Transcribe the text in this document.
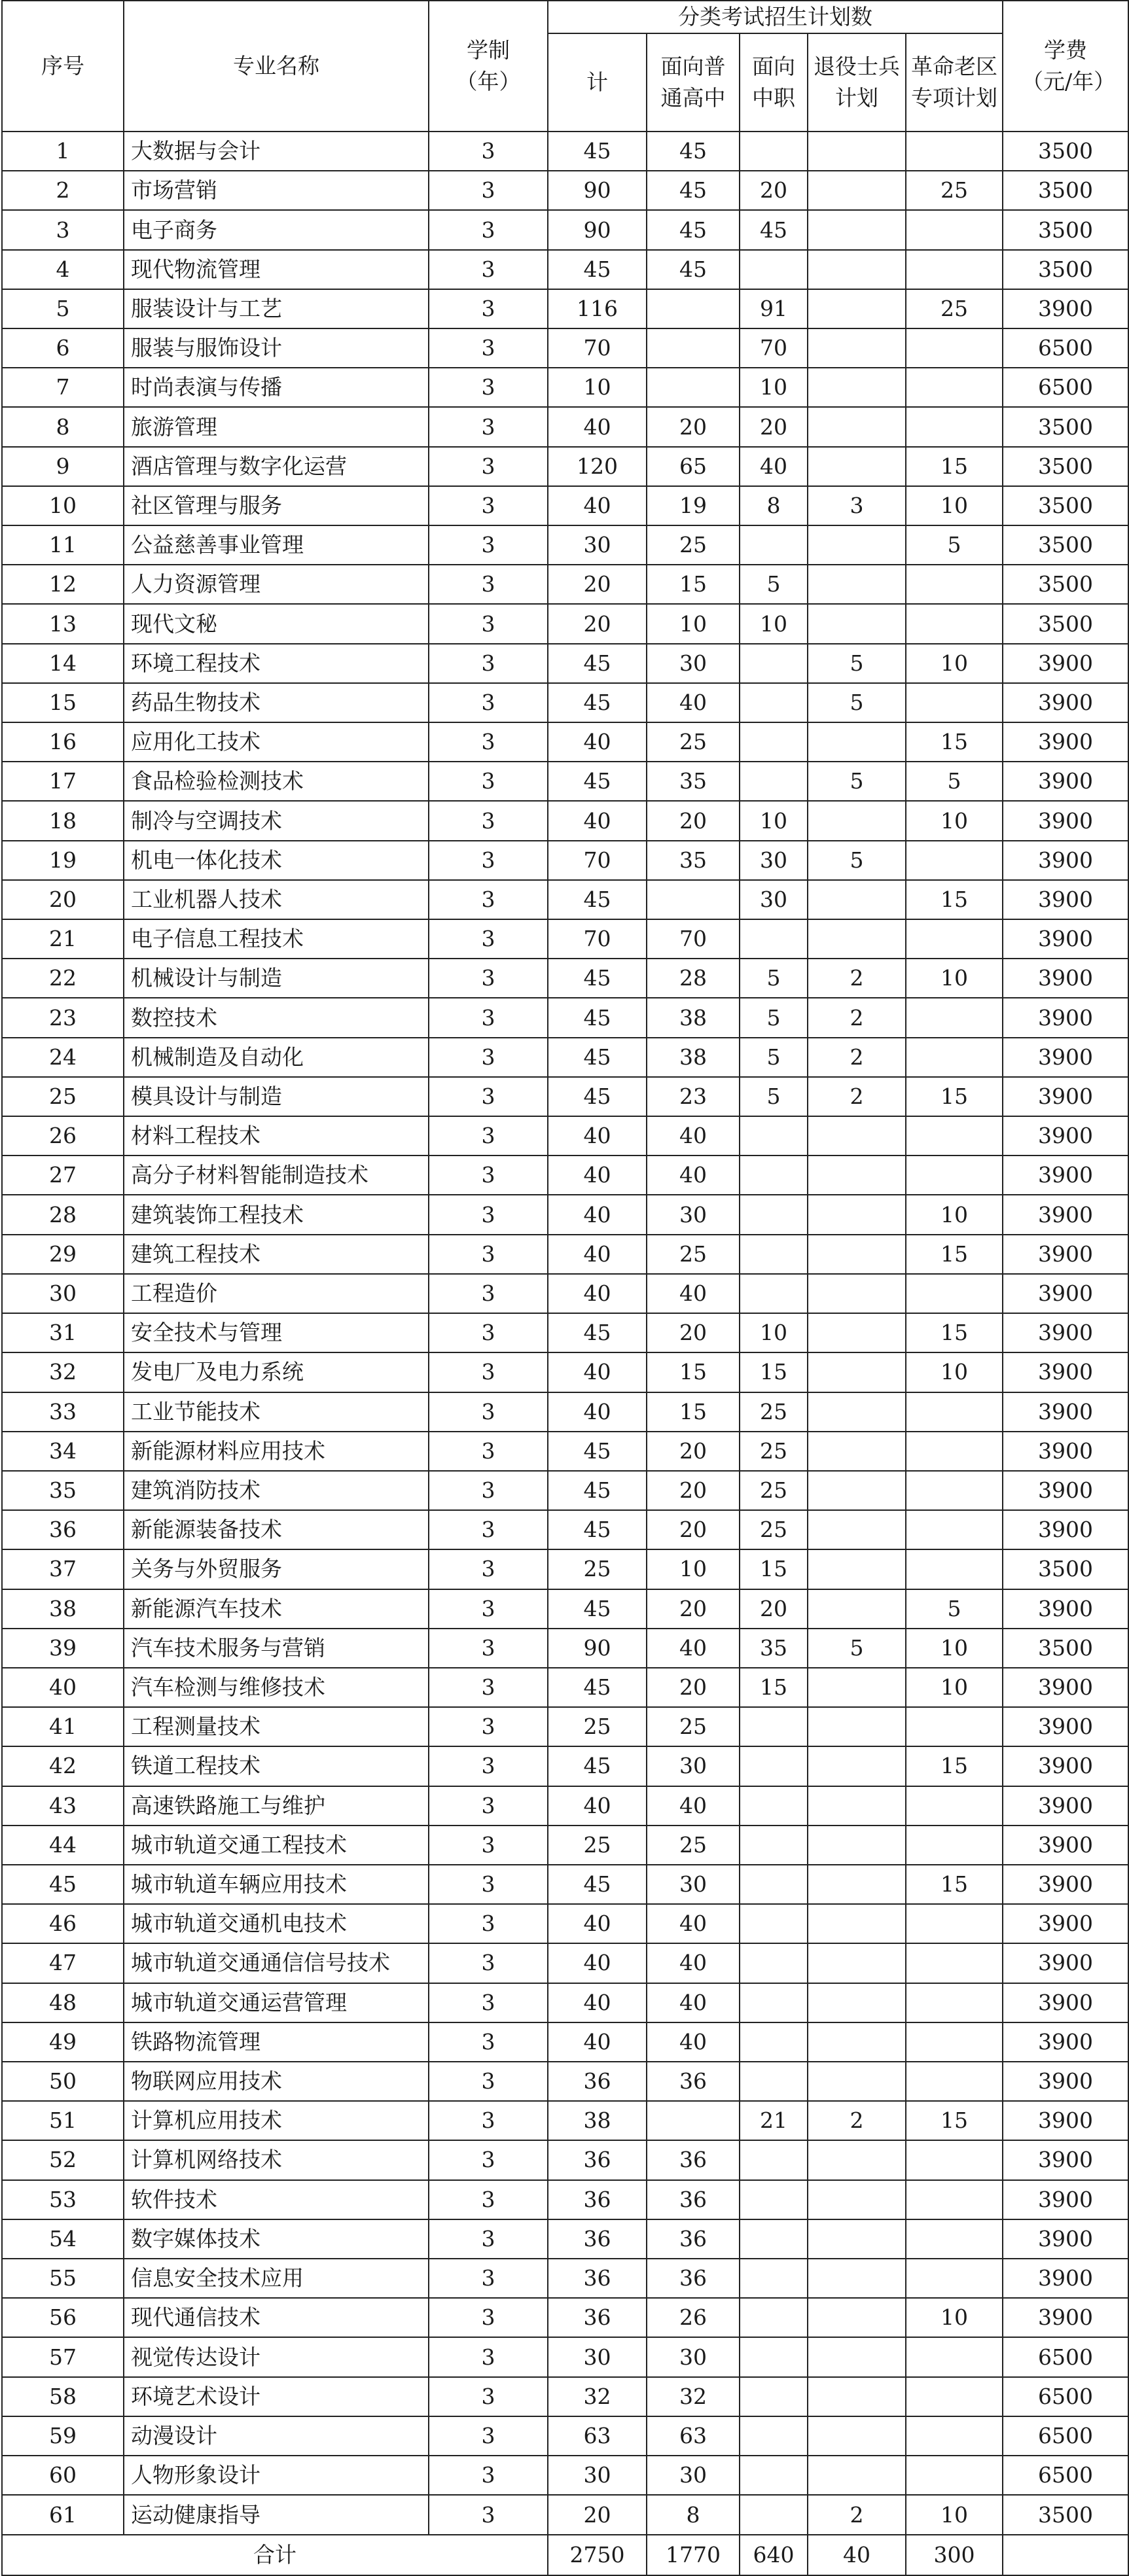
序号	专业名称	学制（年）	分类考试招生计划数					学费（元/年）
			计	面向普通高中	面向中职	退役士兵计划	革命老区专项计划	
1	大数据与会计	3	45	45				3500
2	市场营销	3	90	45	20		25	3500
3	电子商务	3	90	45	45			3500
4	现代物流管理	3	45	45				3500
5	服装设计与工艺	3	116		91		25	3900
6	服装与服饰设计	3	70		70			6500
7	时尚表演与传播	3	10		10			6500
8	旅游管理	3	40	20	20			3500
9	酒店管理与数字化运营	3	120	65	40		15	3500
10	社区管理与服务	3	40	19	8	3	10	3500
11	公益慈善事业管理	3	30	25			5	3500
12	人力资源管理	3	20	15	5			3500
13	现代文秘	3	20	10	10			3500
14	环境工程技术	3	45	30		5	10	3900
15	药品生物技术	3	45	40		5		3900
16	应用化工技术	3	40	25			15	3900
17	食品检验检测技术	3	45	35		5	5	3900
18	制冷与空调技术	3	40	20	10		10	3900
19	机电一体化技术	3	70	35	30	5		3900
20	工业机器人技术	3	45		30		15	3900
21	电子信息工程技术	3	70	70				3900
22	机械设计与制造	3	45	28	5	2	10	3900
23	数控技术	3	45	38	5	2		3900
24	机械制造及自动化	3	45	38	5	2		3900
25	模具设计与制造	3	45	23	5	2	15	3900
26	材料工程技术	3	40	40				3900
27	高分子材料智能制造技术	3	40	40				3900
28	建筑装饰工程技术	3	40	30			10	3900
29	建筑工程技术	3	40	25			15	3900
30	工程造价	3	40	40				3900
31	安全技术与管理	3	45	20	10		15	3900
32	发电厂及电力系统	3	40	15	15		10	3900
33	工业节能技术	3	40	15	25			3900
34	新能源材料应用技术	3	45	20	25			3900
35	建筑消防技术	3	45	20	25			3900
36	新能源装备技术	3	45	20	25			3900
37	关务与外贸服务	3	25	10	15			3500
38	新能源汽车技术	3	45	20	20		5	3900
39	汽车技术服务与营销	3	90	40	35	5	10	3500
40	汽车检测与维修技术	3	45	20	15		10	3900
41	工程测量技术	3	25	25				3900
42	铁道工程技术	3	45	30			15	3900
43	高速铁路施工与维护	3	40	40				3900
44	城市轨道交通工程技术	3	25	25				3900
45	城市轨道车辆应用技术	3	45	30			15	3900
46	城市轨道交通机电技术	3	40	40				3900
47	城市轨道交通通信信号技术	3	40	40				3900
48	城市轨道交通运营管理	3	40	40				3900
49	铁路物流管理	3	40	40				3900
50	物联网应用技术	3	36	36				3900
51	计算机应用技术	3	38		21	2	15	3900
52	计算机网络技术	3	36	36				3900
53	软件技术	3	36	36				3900
54	数字媒体技术	3	36	36				3900
55	信息安全技术应用	3	36	36				3900
56	现代通信技术	3	36	26			10	3900
57	视觉传达设计	3	30	30				6500
58	环境艺术设计	3	32	32				6500
59	动漫设计	3	63	63				6500
60	人物形象设计	3	30	30				6500
61	运动健康指导	3	20	8		2	10	3500
合计			2750	1770	640	40	300	
